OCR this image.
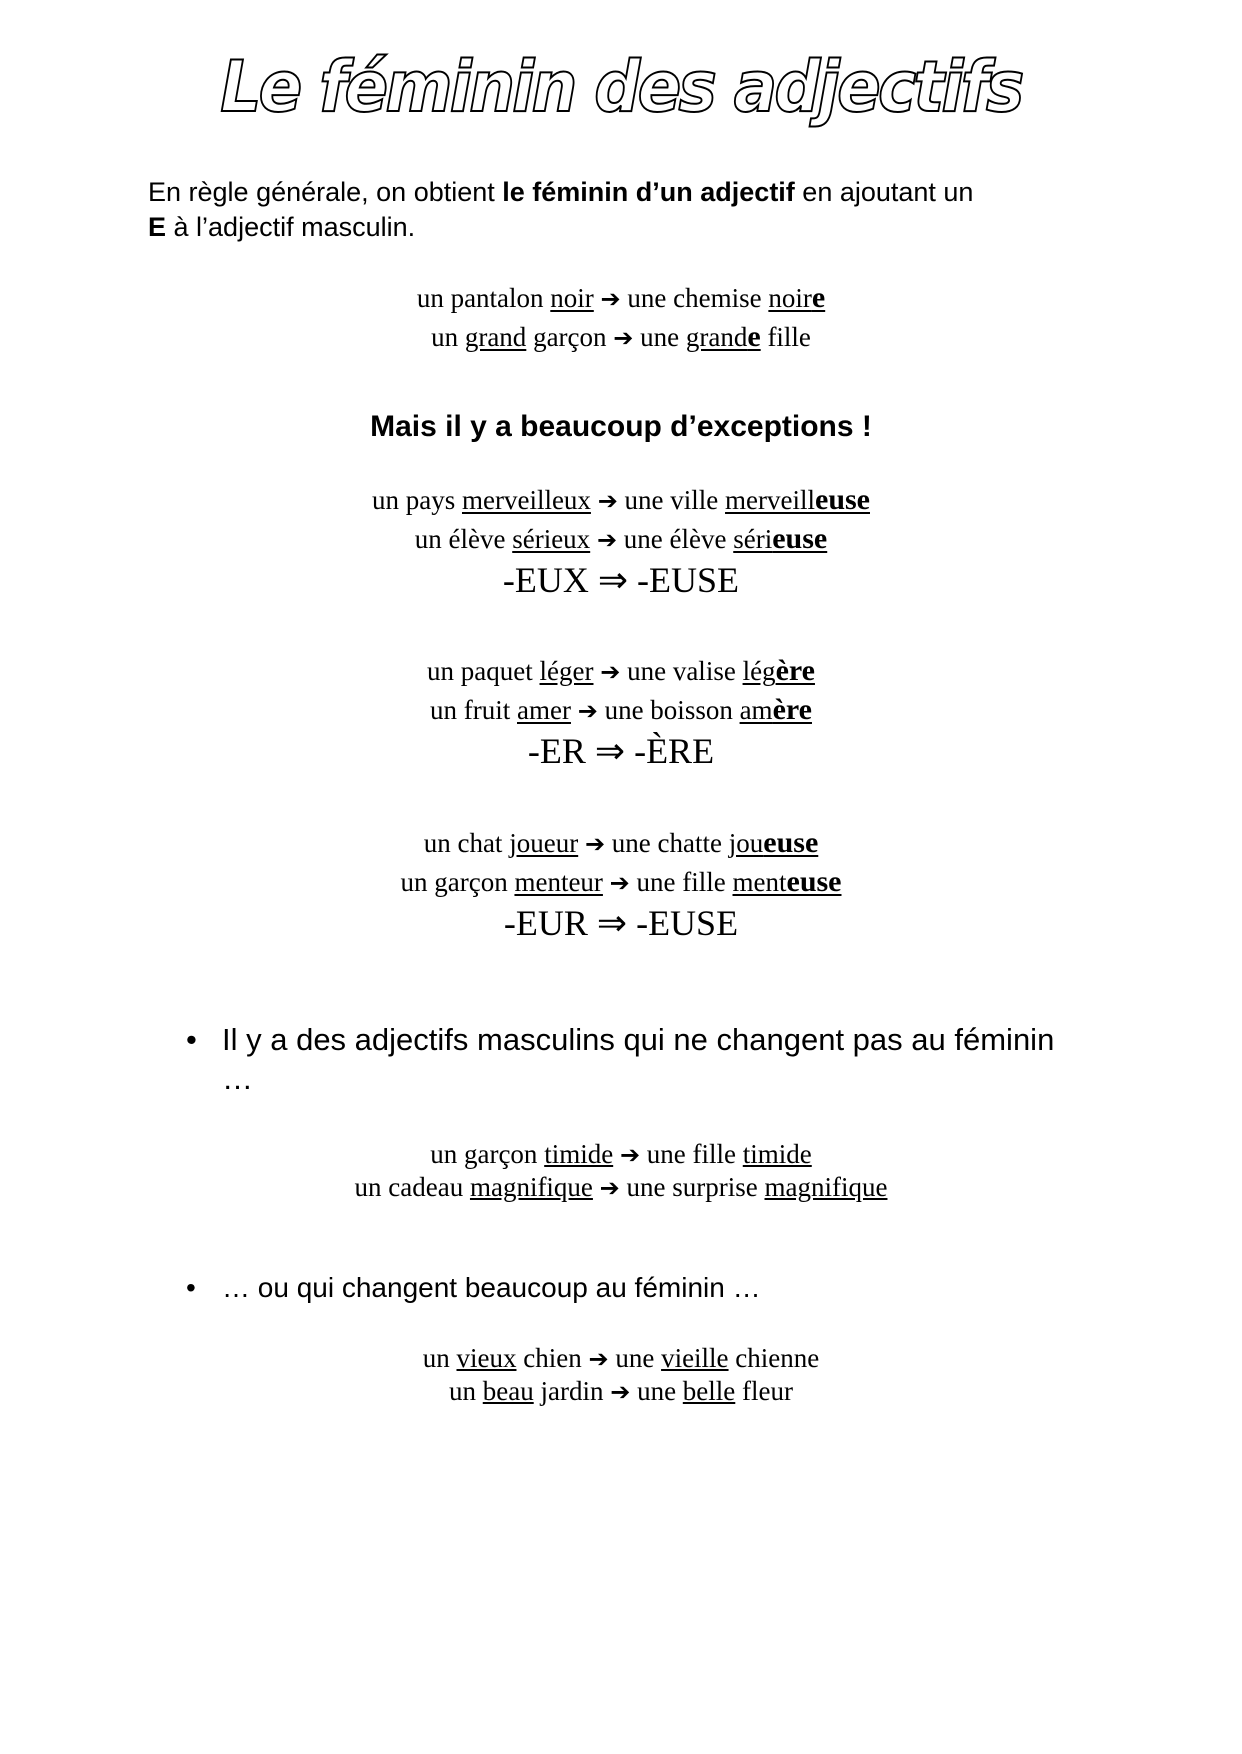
Le féminin des adjectifs
En règle générale, on obtient le féminin d’un adjectif en ajoutant un
E à l’adjectif masculin.
un pantalon noir ➔ une chemise noire
un grand garçon ➔ une grande fille
Mais il y a beaucoup d’exceptions !
un pays merveilleux ➔ une ville merveilleuse
un élève sérieux ➔ une élève sérieuse
-EUX ⇒ -EUSE
un paquet léger ➔ une valise légère
un fruit amer ➔ une boisson amère
-ER ⇒ -ÈRE
un chat joueur ➔ une chatte joueuse
un garçon menteur ➔ une fille menteuse
-EUR ⇒ -EUSE
• Il y a des adjectifs masculins qui ne changent pas au féminin …
un garçon timide ➔ une fille timide
un cadeau magnifique ➔ une surprise magnifique
• … ou qui changent beaucoup au féminin …
un vieux chien ➔ une vieille chienne
un beau jardin ➔ une belle fleur
